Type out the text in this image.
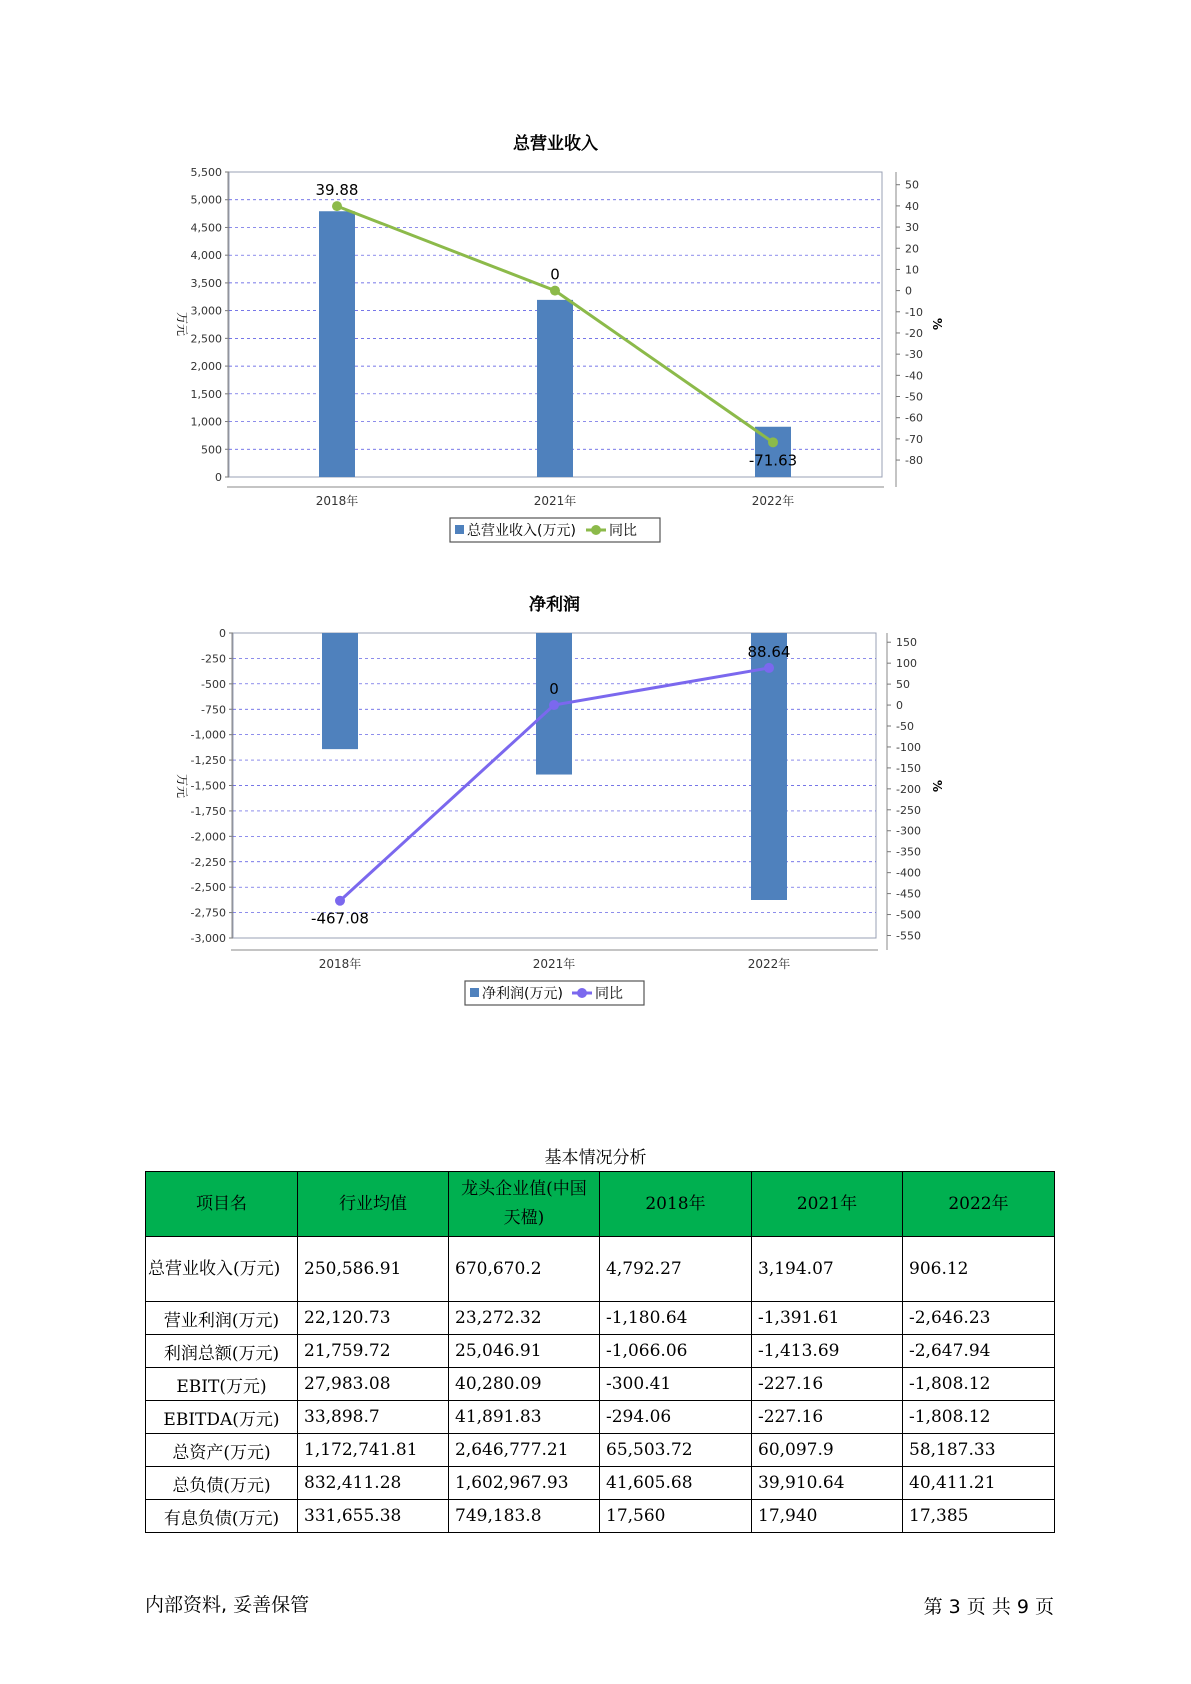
总营业收入
5,500
5,000
4,500
4,000
3,500
3,000
2,500
2,000
1,500
1,000
500
0
50
40
30
20
10
0
-10
-20
-30
-40
-50
-60
-70
-80
万元	%
39.88
0
-71.63
2018年	2021年	2022年
总营业收入(万元) 同比
净利润
0
-250
-500
-750
-1,000
-1,250
-1,500
-1,750
-2,000
-2,250
-2,500
-2,750
-3,000
150
100
50
0
-50
-100
-150
-200
-250
-300
-350
-400
-450
-500
-550
万元	%
-467.08
0
88.64
2018年	2021年	2022年
净利润(万元) 同比
基本情况分析
项目名	行业均值	龙头企业值(中国天楹)	2018年	2021年	2022年
总营业收入(万元)	250,586.91	670,670.2	4,792.27	3,194.07	906.12
营业利润(万元)	22,120.73	23,272.32	-1,180.64	-1,391.61	-2,646.23
利润总额(万元)	21,759.72	25,046.91	-1,066.06	-1,413.69	-2,647.94
EBIT(万元)	27,983.08	40,280.09	-300.41	-227.16	-1,808.12
EBITDA(万元)	33,898.7	41,891.83	-294.06	-227.16	-1,808.12
总资产(万元)	1,172,741.81	2,646,777.21	65,503.72	60,097.9	58,187.33
总负债(万元)	832,411.28	1,602,967.93	41,605.68	39,910.64	40,411.21
有息负债(万元)	331,655.38	749,183.8	17,560	17,940	17,385
内部资料, 妥善保管	第 3 页 共 9 页
